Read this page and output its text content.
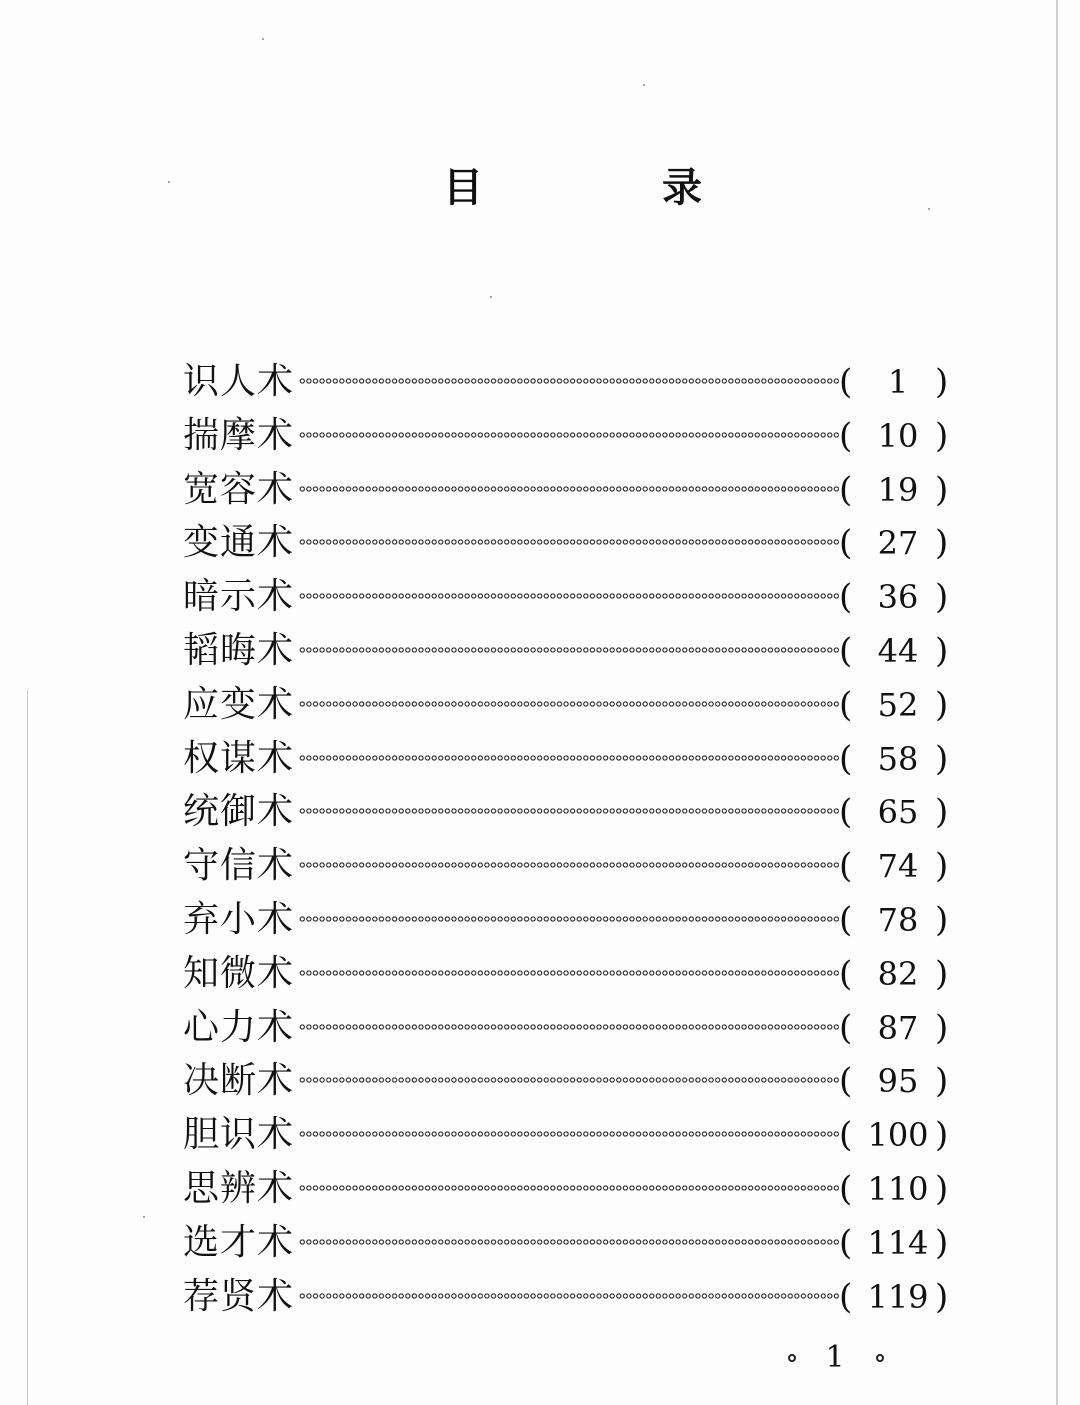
目	录
识人术	(	1 )
揣摩术	( 10 )
宽容术	( 19 )
变通术	( 27 )
暗示术	( 36 )
韬晦术	( 44 )
应变术	( 52 )
权谋术	( 58 )
统御术	( 65 )
守信术	( 74 )
弃小术	( 78 )
知微术	( 82 )
心力术	( 87 )
决断术	( 95 )
胆识术	( 100 )
思辨术	( 110 )
选才术	( 114 )
荐贤术	( 119 )
1
